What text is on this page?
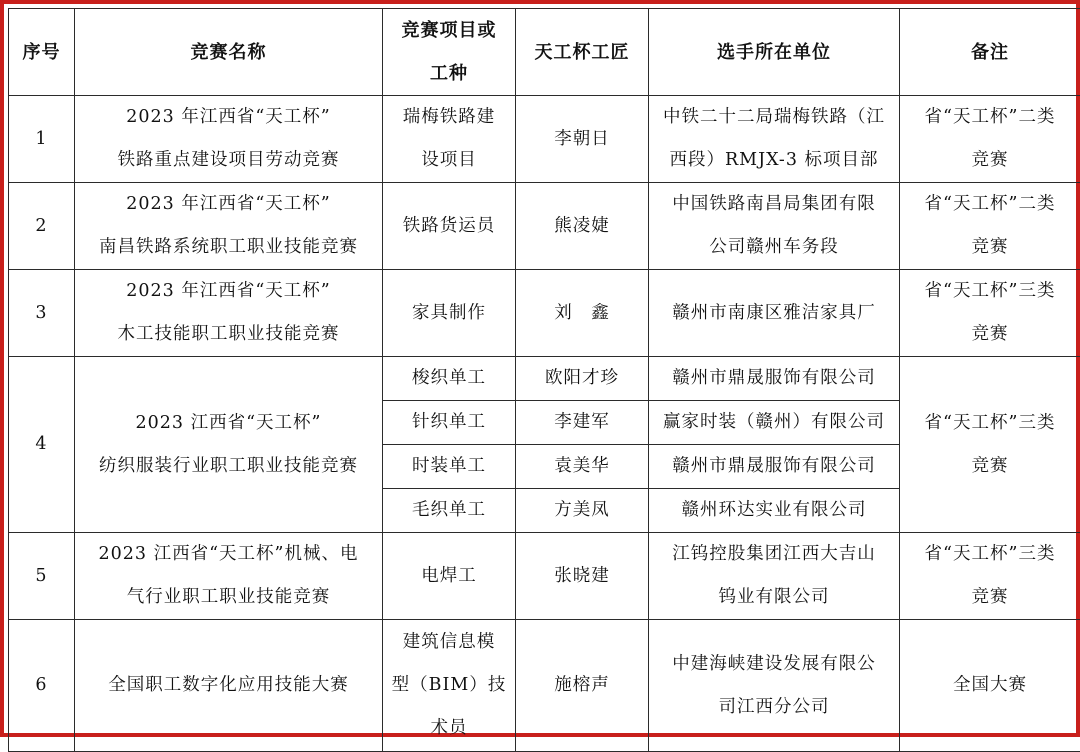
序号	竞赛名称	竞赛项目或
工种	天工杯工匠	选手所在单位	备注
1	2023 年江西省“天工杯”
铁路重点建设项目劳动竞赛	瑞梅铁路建
设项目	李朝日	中铁二十二局瑞梅铁路（江
西段）RMJX-3 标项目部	省“天工杯”二类
竞赛

2	2023 年江西省“天工杯”
南昌铁路系统职工职业技能竞赛	铁路货运员	熊凌婕	中国铁路南昌局集团有限
公司赣州车务段	省“天工杯”二类
竞赛

3	2023 年江西省“天工杯”
木工技能职工职业技能竞赛	家具制作	刘　鑫	赣州市南康区雅洁家具厂	省“天工杯”三类
竞赛

4	2023 江西省“天工杯”
纺织服装行业职工职业技能竞赛	梭织单工	欧阳才珍	赣州市鼎晟服饰有限公司	省“天工杯”三类
竞赛

		针织单工	李建军	赢家时装（赣州）有限公司	
		时装单工	袁美华	赣州市鼎晟服饰有限公司	
		毛织单工	方美凤	赣州环达实业有限公司	
5	2023 江西省“天工杯”机械、电
气行业职工职业技能竞赛	电焊工	张晓建	江钨控股集团江西大吉山
钨业有限公司	省“天工杯”三类
竞赛

6	全国职工数字化应用技能大赛	建筑信息模
型（BIM）技
术员	施榕声	中建海峡建设发展有限公
司江西分公司	全国大赛
